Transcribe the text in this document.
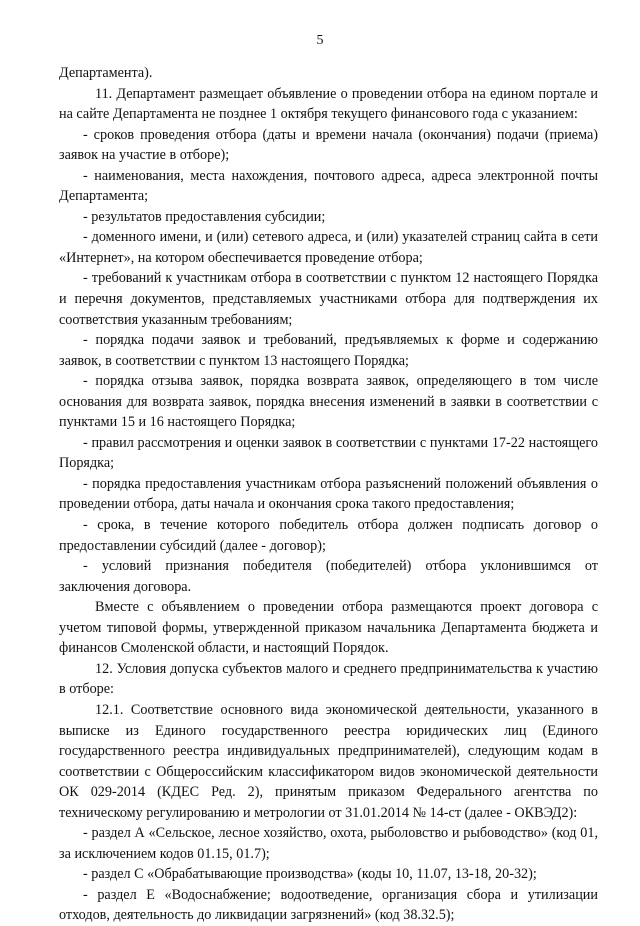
5

Департамента).

11. Департамент размещает объявление о проведении отбора на едином портале и на сайте Департамента не позднее 1 октября текущего финансового года с указанием:

- сроков проведения отбора (даты и времени начала (окончания) подачи (приема) заявок на участие в отборе);

- наименования, места нахождения, почтового адреса, адреса электронной почты Департамента;

- результатов предоставления субсидии;

- доменного имени, и (или) сетевого адреса, и (или) указателей страниц сайта в сети «Интернет», на котором обеспечивается проведение отбора;

- требований к участникам отбора в соответствии с пунктом 12 настоящего Порядка и перечня документов, представляемых участниками отбора для подтверждения их соответствия указанным требованиям;

- порядка подачи заявок и требований, предъявляемых к форме и содержанию заявок, в соответствии с пунктом 13 настоящего Порядка;

- порядка отзыва заявок, порядка возврата заявок, определяющего в том числе основания для возврата заявок, порядка внесения изменений в заявки в соответствии с пунктами 15 и 16 настоящего Порядка;

- правил рассмотрения и оценки заявок в соответствии с пунктами 17-22 настоящего Порядка;

- порядка предоставления участникам отбора разъяснений положений объявления о проведении отбора, даты начала и окончания срока такого предоставления;

- срока, в течение которого победитель отбора должен подписать договор о предоставлении субсидий (далее - договор);

- условий признания победителя (победителей) отбора уклонившимся от заключения договора.

Вместе с объявлением о проведении отбора размещаются проект договора с учетом типовой формы, утвержденной приказом начальника Департамента бюджета и финансов Смоленской области, и настоящий Порядок.

12. Условия допуска субъектов малого и среднего предпринимательства к участию в отборе:

12.1. Соответствие основного вида экономической деятельности, указанного в выписке из Единого государственного реестра юридических лиц (Единого государственного реестра индивидуальных предпринимателей), следующим кодам в соответствии с Общероссийским классификатором видов экономической деятельности ОК 029-2014 (КДЕС Ред. 2), принятым приказом Федерального агентства по техническому регулированию и метрологии от 31.01.2014 № 14-ст (далее - ОКВЭД2):

- раздел А «Сельское, лесное хозяйство, охота, рыболовство и рыбоводство» (код 01, за исключением кодов 01.15, 01.7);

- раздел С «Обрабатывающие производства» (коды 10, 11.07, 13-18, 20-32);

- раздел Е «Водоснабжение; водоотведение, организация сбора и утилизации отходов, деятельность до ликвидации загрязнений» (код 38.32.5);
